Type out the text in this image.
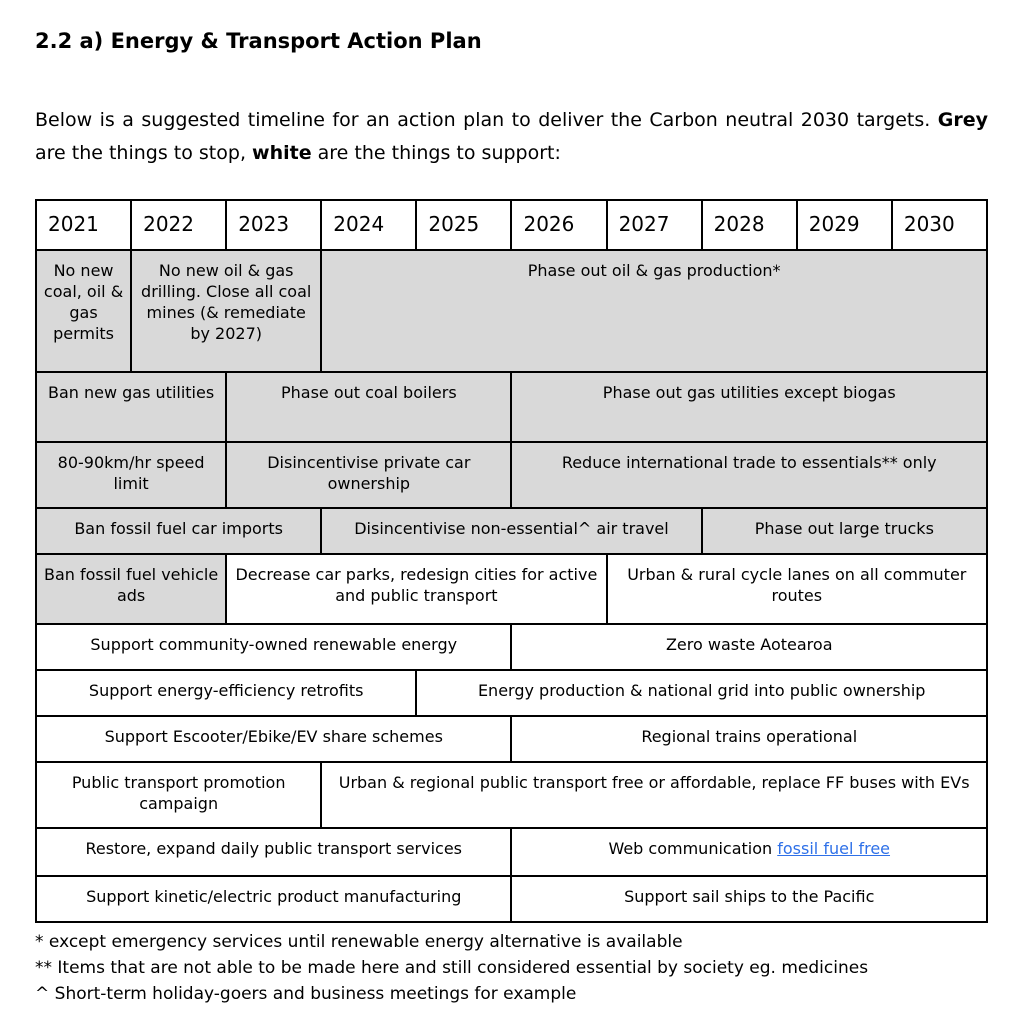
2.2 a) Energy & Transport Action Plan

Below is a suggested timeline for an action plan to deliver the Carbon neutral 2030 targets. Grey are the things to stop, white are the things to support:

2021	2022	2023	2024	2025	2026	2027	2028	2029	2030
No new coal, oil & gas permits	No new oil & gas drilling. Close all coal mines (& remediate by 2027)		Phase out oil & gas production*						
Ban new gas utilities		Phase out coal boilers			Phase out gas utilities except biogas				
80-90km/hr speed limit		Disincentivise private car ownership			Reduce international trade to essentials** only				
Ban fossil fuel car imports			Disincentivise non-essential^ air travel				Phase out large trucks		
Ban fossil fuel vehicle ads		Decrease car parks, redesign cities for active and public transport				Urban & rural cycle lanes on all commuter routes			
Support community-owned renewable energy					Zero waste Aotearoa				
Support energy-efficiency retrofits				Energy production & national grid into public ownership					
Support Escooter/Ebike/EV share schemes					Regional trains operational				
Public transport promotion campaign			Urban & regional public transport free or affordable, replace FF buses with EVs						
Restore, expand daily public transport services					Web communication fossil fuel free				
Support kinetic/electric product manufacturing					Support sail ships to the Pacific				
* except emergency services until renewable energy alternative is available
** Items that are not able to be made here and still considered essential by society eg. medicines
^ Short-term holiday-goers and business meetings for example
